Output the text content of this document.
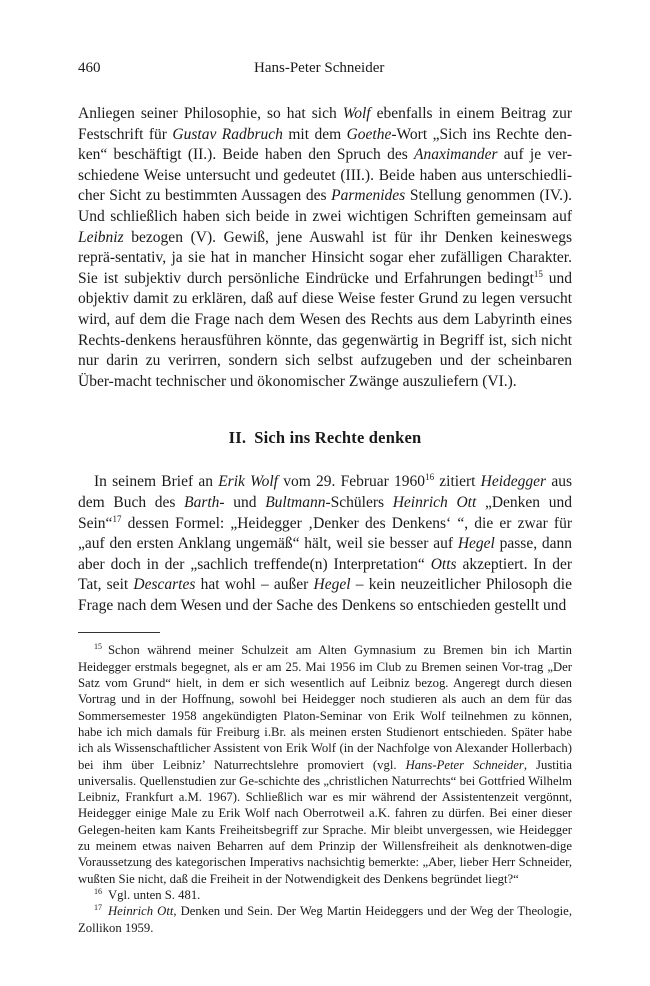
460	Hans-Peter Schneider

Anliegen seiner Philosophie, so hat sich Wolf ebenfalls in einem Beitrag zur Festschrift für Gustav Radbruch mit dem Goethe-Wort „Sich ins Rechte den-ken“ beschäftigt (II.). Beide haben den Spruch des Anaximander auf je ver-schiedene Weise untersucht und gedeutet (III.). Beide haben aus unterschiedli-cher Sicht zu bestimmten Aussagen des Parmenides Stellung genommen (IV.). Und schließlich haben sich beide in zwei wichtigen Schriften gemeinsam auf Leibniz bezogen (V). Gewiß, jene Auswahl ist für ihr Denken keineswegs reprä-sentativ, ja sie hat in mancher Hinsicht sogar eher zufälligen Charakter. Sie ist subjektiv durch persönliche Eindrücke und Erfahrungen bedingt$^{15}$ und objektiv damit zu erklären, daß auf diese Weise fester Grund zu legen versucht wird, auf dem die Frage nach dem Wesen des Rechts aus dem Labyrinth eines Rechts-denkens herausführen könnte, das gegenwärtig in Begriff ist, sich nicht nur darin zu verirren, sondern sich selbst aufzugeben und der scheinbaren Über-macht technischer und ökonomischer Zwänge auszuliefern (VI.).

II. Sich ins Rechte denken

In seinem Brief an Erik Wolf vom 29. Februar 1960$^{16}$ zitiert Heidegger aus dem Buch des Barth- und Bultmann-Schülers Heinrich Ott „Denken und Sein“$^{17}$ dessen Formel: „Heidegger ‚Denker des Denkens‘ “, die er zwar für „auf den ersten Anklang ungemäß“ hält, weil sie besser auf Hegel passe, dann aber doch in der „sachlich treffende(n) Interpretation“ Otts akzeptiert. In der Tat, seit Descartes hat wohl – außer Hegel – kein neuzeitlicher Philosoph die Frage nach dem Wesen und der Sache des Denkens so entschieden gestellt und

$^{15}$ Schon während meiner Schulzeit am Alten Gymnasium zu Bremen bin ich Martin Heidegger erstmals begegnet, als er am 25. Mai 1956 im Club zu Bremen seinen Vor-trag „Der Satz vom Grund“ hielt, in dem er sich wesentlich auf Leibniz bezog. Angeregt durch diesen Vortrag und in der Hoffnung, sowohl bei Heidegger noch studieren als auch an dem für das Sommersemester 1958 angekündigten Platon-Seminar von Erik Wolf teilnehmen zu können, habe ich mich damals für Freiburg i.Br. als meinen ersten Studienort entschieden. Später habe ich als Wissenschaftlicher Assistent von Erik Wolf (in der Nachfolge von Alexander Hollerbach) bei ihm über Leibniz’ Naturrechtslehre promoviert (vgl. Hans-Peter Schneider, Justitia universalis. Quellenstudien zur Ge-schichte des „christlichen Naturrechts“ bei Gottfried Wilhelm Leibniz, Frankfurt a.M. 1967). Schließlich war es mir während der Assistentenzeit vergönnt, Heidegger einige Male zu Erik Wolf nach Oberrotweil a.K. fahren zu dürfen. Bei einer dieser Gelegen-heiten kam Kants Freiheitsbegriff zur Sprache. Mir bleibt unvergessen, wie Heidegger zu meinem etwas naiven Beharren auf dem Prinzip der Willensfreiheit als denknotwen-dige Voraussetzung des kategorischen Imperativs nachsichtig bemerkte: „Aber, lieber Herr Schneider, wußten Sie nicht, daß die Freiheit in der Notwendigkeit des Denkens begründet liegt?“

$^{16}$ Vgl. unten S. 481.

$^{17}$ Heinrich Ott, Denken und Sein. Der Weg Martin Heideggers und der Weg der Theologie, Zollikon 1959.
